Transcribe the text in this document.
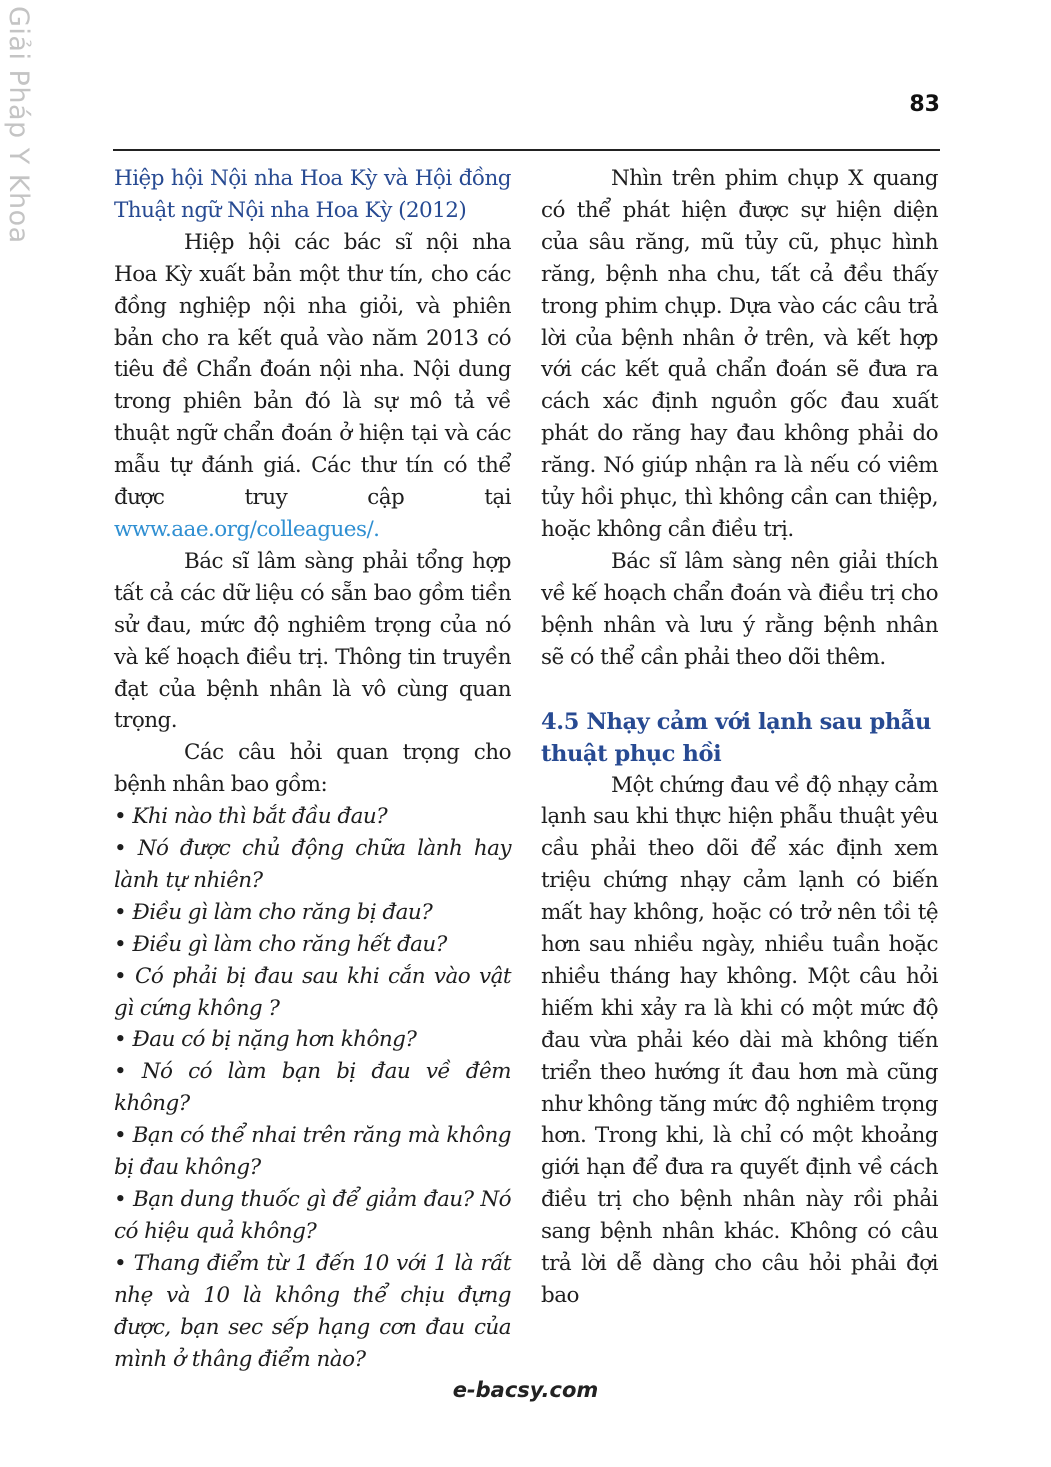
Giải Pháp Y Khoa	83

Hiệp hội Nội nha Hoa Kỳ và Hội đồng Thuật ngữ Nội nha Hoa Kỳ (2012)

Hiệp hội các bác sĩ nội nha Hoa Kỳ xuất bản một thư tín, cho các đồng nghiệp nội nha giỏi, và phiên bản cho ra kết quả vào năm 2013 có tiêu đề Chẩn đoán nội nha. Nội dung trong phiên bản đó là sự mô tả về thuật ngữ chẩn đoán ở hiện tại và các mẫu tự đánh giá. Các thư tín có thể được truy cập tại www.aae.org/colleagues/.

Bác sĩ lâm sàng phải tổng hợp tất cả các dữ liệu có sẵn bao gồm tiền sử đau, mức độ nghiêm trọng của nó và kế hoạch điều trị. Thông tin truyền đạt của bệnh nhân là vô cùng quan trọng.

Các câu hỏi quan trọng cho bệnh nhân bao gồm:

• Khi nào thì bắt đầu đau?
• Nó được chủ động chữa lành hay lành tự nhiên?
• Điều gì làm cho răng bị đau?
• Điều gì làm cho răng hết đau?
• Có phải bị đau sau khi cắn vào vật gì cứng không ?
• Đau có bị nặng hơn không?
• Nó có làm bạn bị đau về đêm không?
• Bạn có thể nhai trên răng mà không bị đau không?
• Bạn dung thuốc gì để giảm đau? Nó có hiệu quả không?
• Thang điểm từ 1 đến 10 với 1 là rất nhẹ và 10 là không thể chịu đựng được, bạn sec sếp hạng cơn đau của mình ở thâng điểm nào?

Nhìn trên phim chụp X quang có thể phát hiện được sự hiện diện của sâu răng, mũ tủy cũ, phục hình răng, bệnh nha chu, tất cả đều thấy trong phim chụp. Dựa vào các câu trả lời của bệnh nhân ở trên, và kết hợp với các kết quả chẩn đoán sẽ đưa ra cách xác định nguồn gốc đau xuất phát do răng hay đau không phải do răng. Nó giúp nhận ra là nếu có viêm tủy hồi phục, thì không cần can thiệp, hoặc không cần điều trị.

Bác sĩ lâm sàng nên giải thích về kế hoạch chẩn đoán và điều trị cho bệnh nhân và lưu ý rằng bệnh nhân sẽ có thể cần phải theo dõi thêm.

4.5 Nhạy cảm với lạnh sau phẫu thuật phục hồi

Một chứng đau về độ nhạy cảm lạnh sau khi thực hiện phẫu thuật yêu cầu phải theo dõi để xác định xem triệu chứng nhạy cảm lạnh có biến mất hay không, hoặc có trở nên tồi tệ hơn sau nhiều ngày, nhiều tuần hoặc nhiều tháng hay không. Một câu hỏi hiếm khi xảy ra là khi có một mức độ đau vừa phải kéo dài mà không tiến triển theo hướng ít đau hơn mà cũng như không tăng mức độ nghiêm trọng hơn. Trong khi, là chỉ có một khoảng giới hạn để đưa ra quyết định về cách điều trị cho bệnh nhân này rồi phải sang bệnh nhân khác. Không có câu trả lời dễ dàng cho câu hỏi phải đợi bao

e-bacsy.com
